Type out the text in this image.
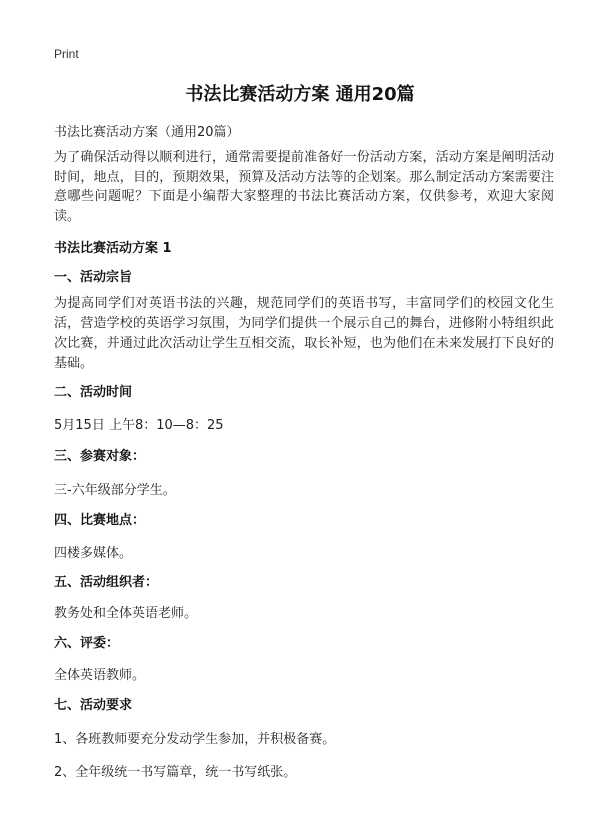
Print
书法比赛活动方案 通用20篇
书法比赛活动方案（通用20篇）
为了确保活动得以顺利进行，通常需要提前准备好一份活动方案，活动方案是阐明活动时间，地点，目的，预期效果，预算及活动方法等的企划案。那么制定活动方案需要注意哪些问题呢？下面是小编帮大家整理的书法比赛活动方案，仅供参考，欢迎大家阅读。
书法比赛活动方案 1
一、活动宗旨
为提高同学们对英语书法的兴趣，规范同学们的英语书写，丰富同学们的校园文化生活，营造学校的英语学习氛围，为同学们提供一个展示自己的舞台，进修附小特组织此次比赛，并通过此次活动让学生互相交流，取长补短，也为他们在未来发展打下良好的基础。
二、活动时间
5月15日 上午8：10—8：25
三、参赛对象：
三-六年级部分学生。
四、比赛地点：
四楼多媒体。
五、活动组织者：
教务处和全体英语老师。
六、评委：
全体英语教师。
七、活动要求
1、各班教师要充分发动学生参加，并积极备赛。
2、全年级统一书写篇章，统一书写纸张。
